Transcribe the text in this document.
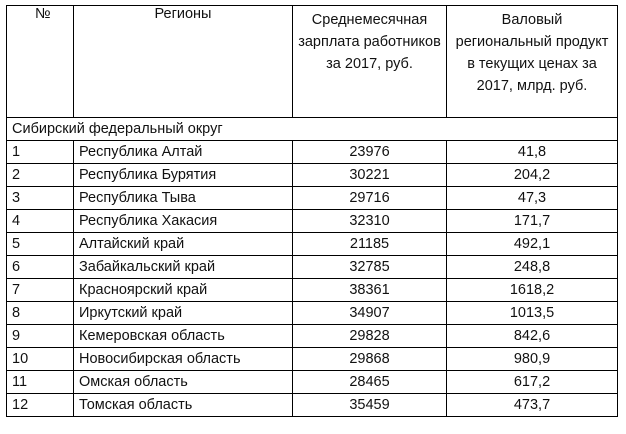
№	Регионы	Среднемесячная зарплата работников за 2017, руб.	Валовый региональный продукт в текущих ценах за 2017, млрд. руб.
Сибирский федеральный округ			
1	Республика Алтай	23976	41,8
2	Республика Бурятия	30221	204,2
3	Республика Тыва	29716	47,3
4	Республика Хакасия	32310	171,7
5	Алтайский край	21185	492,1
6	Забайкальский край	32785	248,8
7	Красноярский край	38361	1618,2
8	Иркутский край	34907	1013,5
9	Кемеровская область	29828	842,6
10	Новосибирская область	29868	980,9
11	Омская область	28465	617,2
12	Томская область	35459	473,7
